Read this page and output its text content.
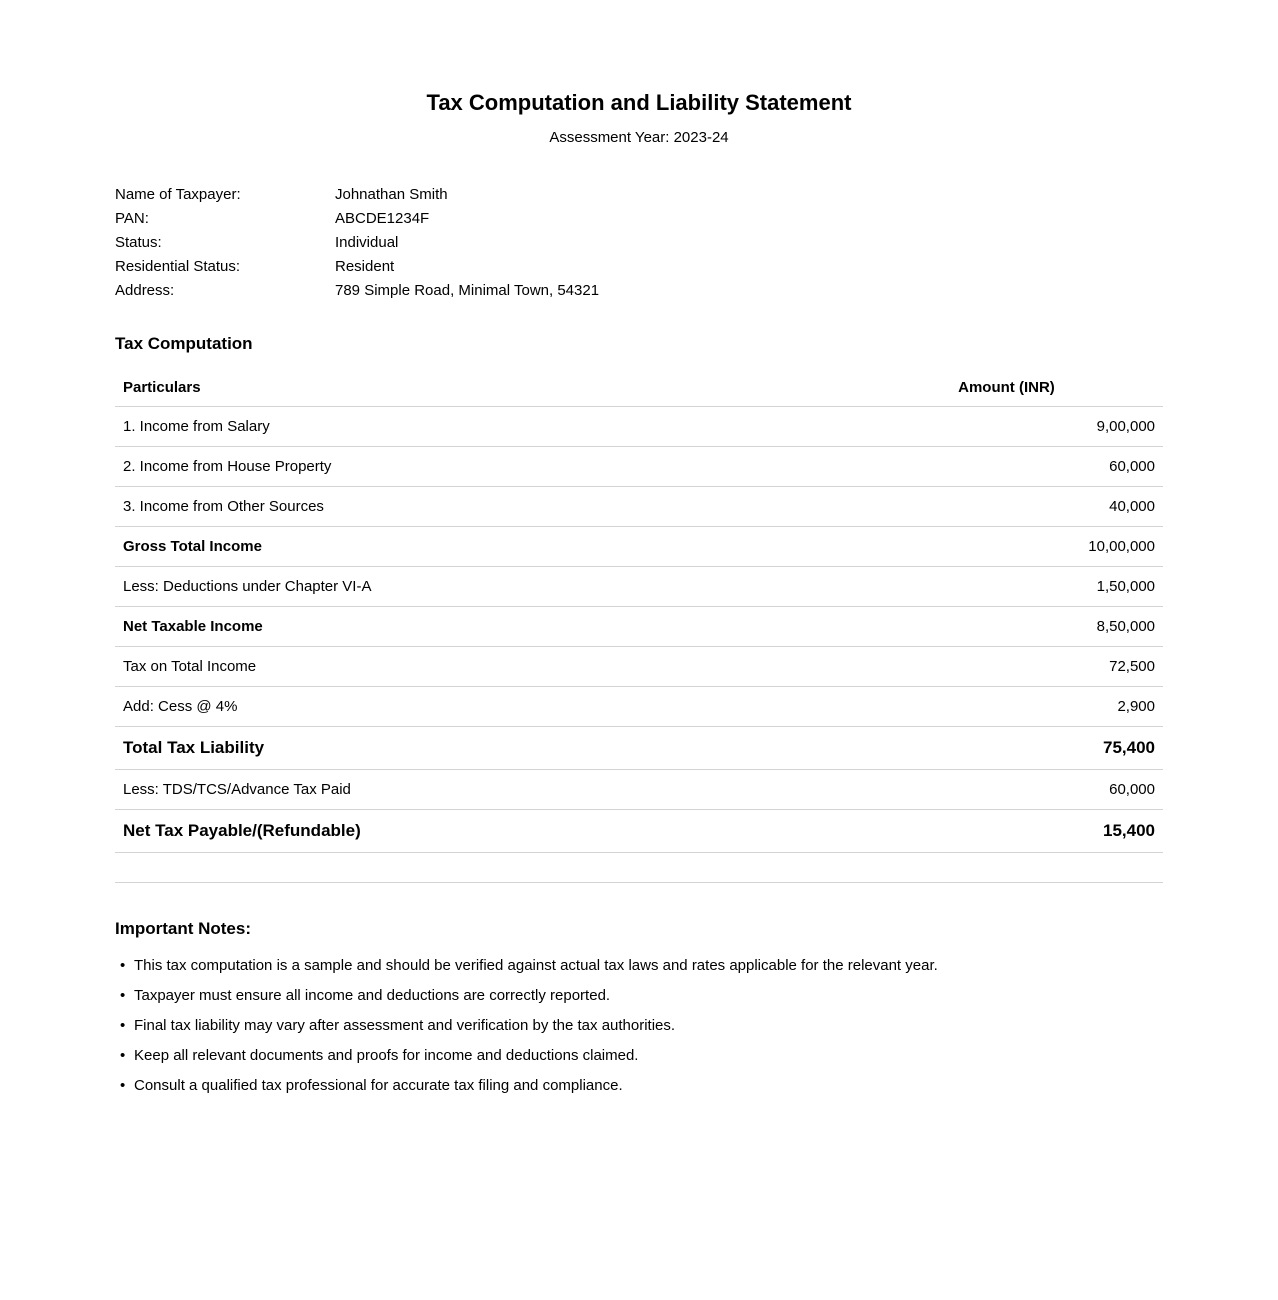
Tax Computation and Liability Statement
Assessment Year: 2023-24
Name of Taxpayer:	Johnathan Smith
PAN:	ABCDE1234F
Status:	Individual
Residential Status:	Resident
Address:	789 Simple Road, Minimal Town, 54321
Tax Computation
Particulars	Amount (INR)
1. Income from Salary	9,00,000
2. Income from House Property	60,000
3. Income from Other Sources	40,000
Gross Total Income	10,00,000
Less: Deductions under Chapter VI-A	1,50,000
Net Taxable Income	8,50,000
Tax on Total Income	72,500
Add: Cess @ 4%	2,900
Total Tax Liability	75,400
Less: TDS/TCS/Advance Tax Paid	60,000
Net Tax Payable/(Refundable)	15,400

Important Notes:
• This tax computation is a sample and should be verified against actual tax laws and rates applicable for the relevant year.
• Taxpayer must ensure all income and deductions are correctly reported.
• Final tax liability may vary after assessment and verification by the tax authorities.
• Keep all relevant documents and proofs for income and deductions claimed.
• Consult a qualified tax professional for accurate tax filing and compliance.
